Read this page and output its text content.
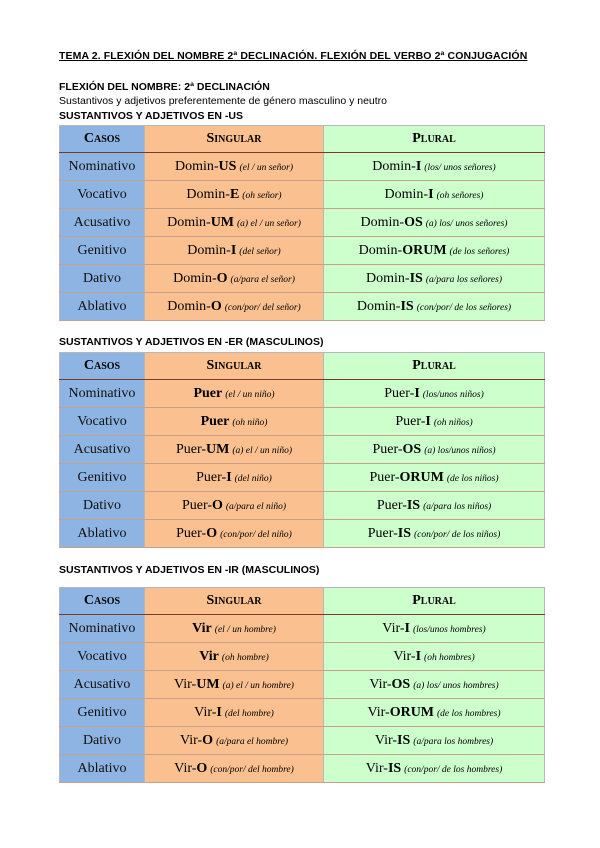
TEMA 2. FLEXIÓN DEL NOMBRE 2ª DECLINACIÓN. FLEXIÓN DEL VERBO 2ª CONJUGACIÓN
FLEXIÓN DEL NOMBRE: 2ª DECLINACIÓN
Sustantivos y adjetivos preferentemente de género masculino y neutro
SUSTANTIVOS Y ADJETIVOS EN -US
Casos	Singular	Plural
Nominativo	Domin-US (el / un señor)	Domin-I (los/ unos señores)
Vocativo	Domin-E (oh señor)	Domin-I (oh señores)
Acusativo	Domin-UM (a) el / un señor)	Domin-OS (a) los/ unos señores)
Genitivo	Domin-I (del señor)	Domin-ORUM (de los señores)
Dativo	Domin-O (a/para el señor)	Domin-IS (a/para los señores)
Ablativo	Domin-O (con/por/ del señor)	Domin-IS (con/por/ de los señores)
SUSTANTIVOS Y ADJETIVOS EN -ER (MASCULINOS)
Casos	Singular	Plural
Nominativo	Puer (el / un niño)	Puer-I (los/unos niños)
Vocativo	Puer (oh niño)	Puer-I (oh niños)
Acusativo	Puer-UM (a) el / un niño)	Puer-OS (a) los/unos niños)
Genitivo	Puer-I (del niño)	Puer-ORUM (de los niños)
Dativo	Puer-O (a/para el niño)	Puer-IS (a/para los niños)
Ablativo	Puer-O (con/por/ del niño)	Puer-IS (con/por/ de los niños)
SUSTANTIVOS Y ADJETIVOS EN -IR (MASCULINOS)
Casos	Singular	Plural
Nominativo	Vir (el / un hombre)	Vir-I (los/unos hombres)
Vocativo	Vir (oh hombre)	Vir-I (oh hombres)
Acusativo	Vir-UM (a) el / un hombre)	Vir-OS (a) los/ unos hombres)
Genitivo	Vir-I (del hombre)	Vir-ORUM (de los hombres)
Dativo	Vir-O (a/para el hombre)	Vir-IS (a/para los hombres)
Ablativo	Vir-O (con/por/ del hombre)	Vir-IS (con/por/ de los hombres)
